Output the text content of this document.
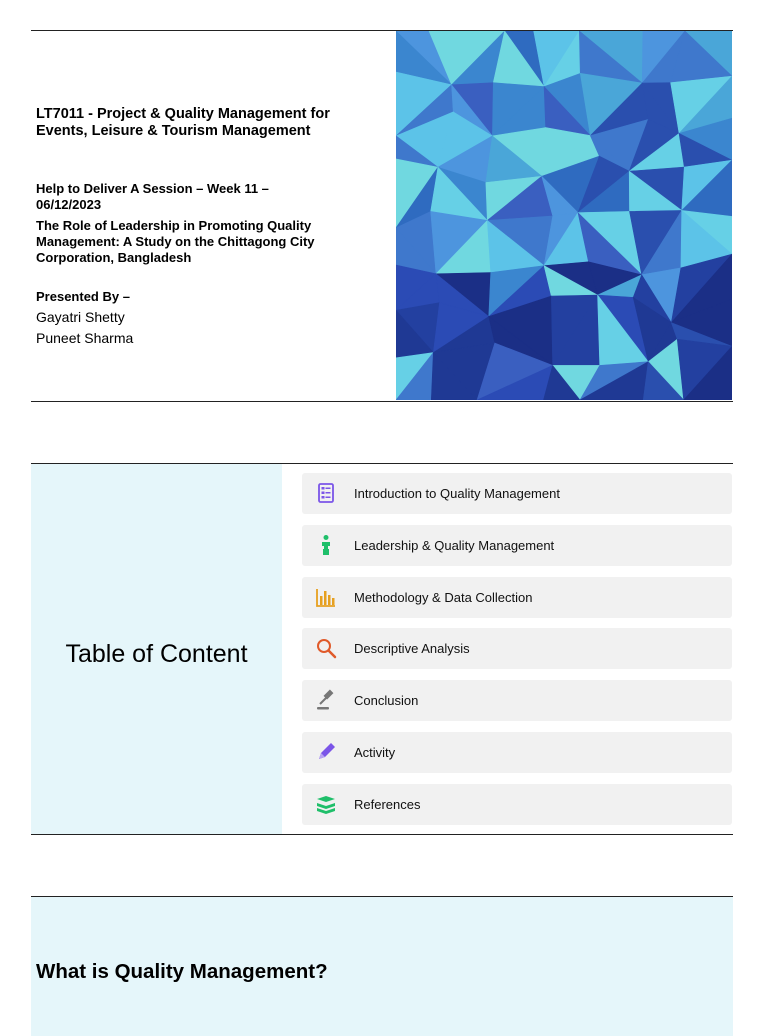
LT7011 - Project & Quality Management for Events, Leisure & Tourism Management
Help to Deliver A Session – Week 11 – 06/12/2023
The Role of Leadership in Promoting Quality Management: A Study on the Chittagong City Corporation, Bangladesh
Presented By –
Gayatri Shetty
Puneet Sharma
Table of Content
Introduction to Quality Management
Leadership & Quality Management
Methodology & Data Collection
Descriptive Analysis
Conclusion
Activity
References
What is Quality Management?
